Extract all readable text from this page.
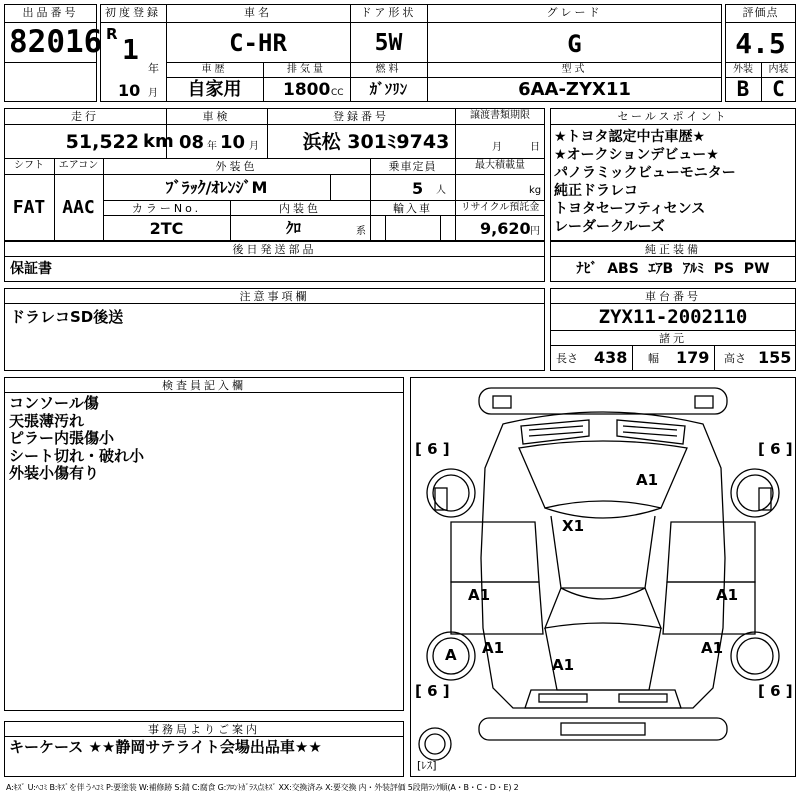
出品番号
82016
初度登録
R 1
年
10 月
車名
C-HR
車歴
自家用
排気量
1800 CC
ドア形状
5W
燃料
ｶﾞｿﾘﾝ
グレード
G
型式
6AA-ZYX11
評価点
4.5
外装	内装
B	C
走行
51,522 km
車検
08 年 10 月
登録番号
浜松 301ﾐ9743
譲渡書類期限
月	日
シフト
FAT
エアコン
AAC
外装色
ﾌﾞﾗｯｸ/ｵﾚﾝｼﾞM
乗車定員
5 人
最大積載量
kg
カラーNo.
2TC
内装色
ｸﾛ	系
輸入車	リサイクル預託金
9,620 円
セールスポイント
★トヨタ認定中古車歴★
★オークションデビュー★
パノラミックビューモニター
純正ドラレコ
トヨタセーフティセンス
レーダークルーズ
後日発送部品
保証書
純正装備
ﾅﾋﾞ  ABS  ｴｱB  ｱﾙﾐ  PS  PW
注意事項欄
ドラレコSD後送
車台番号
ZYX11-2002110
諸元
長さ 438 幅 179 高さ 155
検査員記入欄
コンソール傷
天張薄汚れ
ピラー内張傷小
シート切れ・破れ小
外装小傷有り
[ 6 ]	[ 6 ]
[ 6 ]	[ 6 ]
A1
X1
A1	A1
A A1	A1
A1
[ﾚｽ]
事務局よりご案内
キーケース ★★静岡サテライト会場出品車★★
A:ｷｽﾞ U:ﾍｺﾐ B:ｷｽﾞを伴うﾍｺﾐ P:要塗装 W:補修跡 S:錆 C:腐食 G:ﾌﾛﾝﾄｶﾞﾗｽ点ｷｽﾞ XX:交換済み X:要交換 内・外装評価 5段階ﾗﾝｸ順(A・B・C・D・E) 2
